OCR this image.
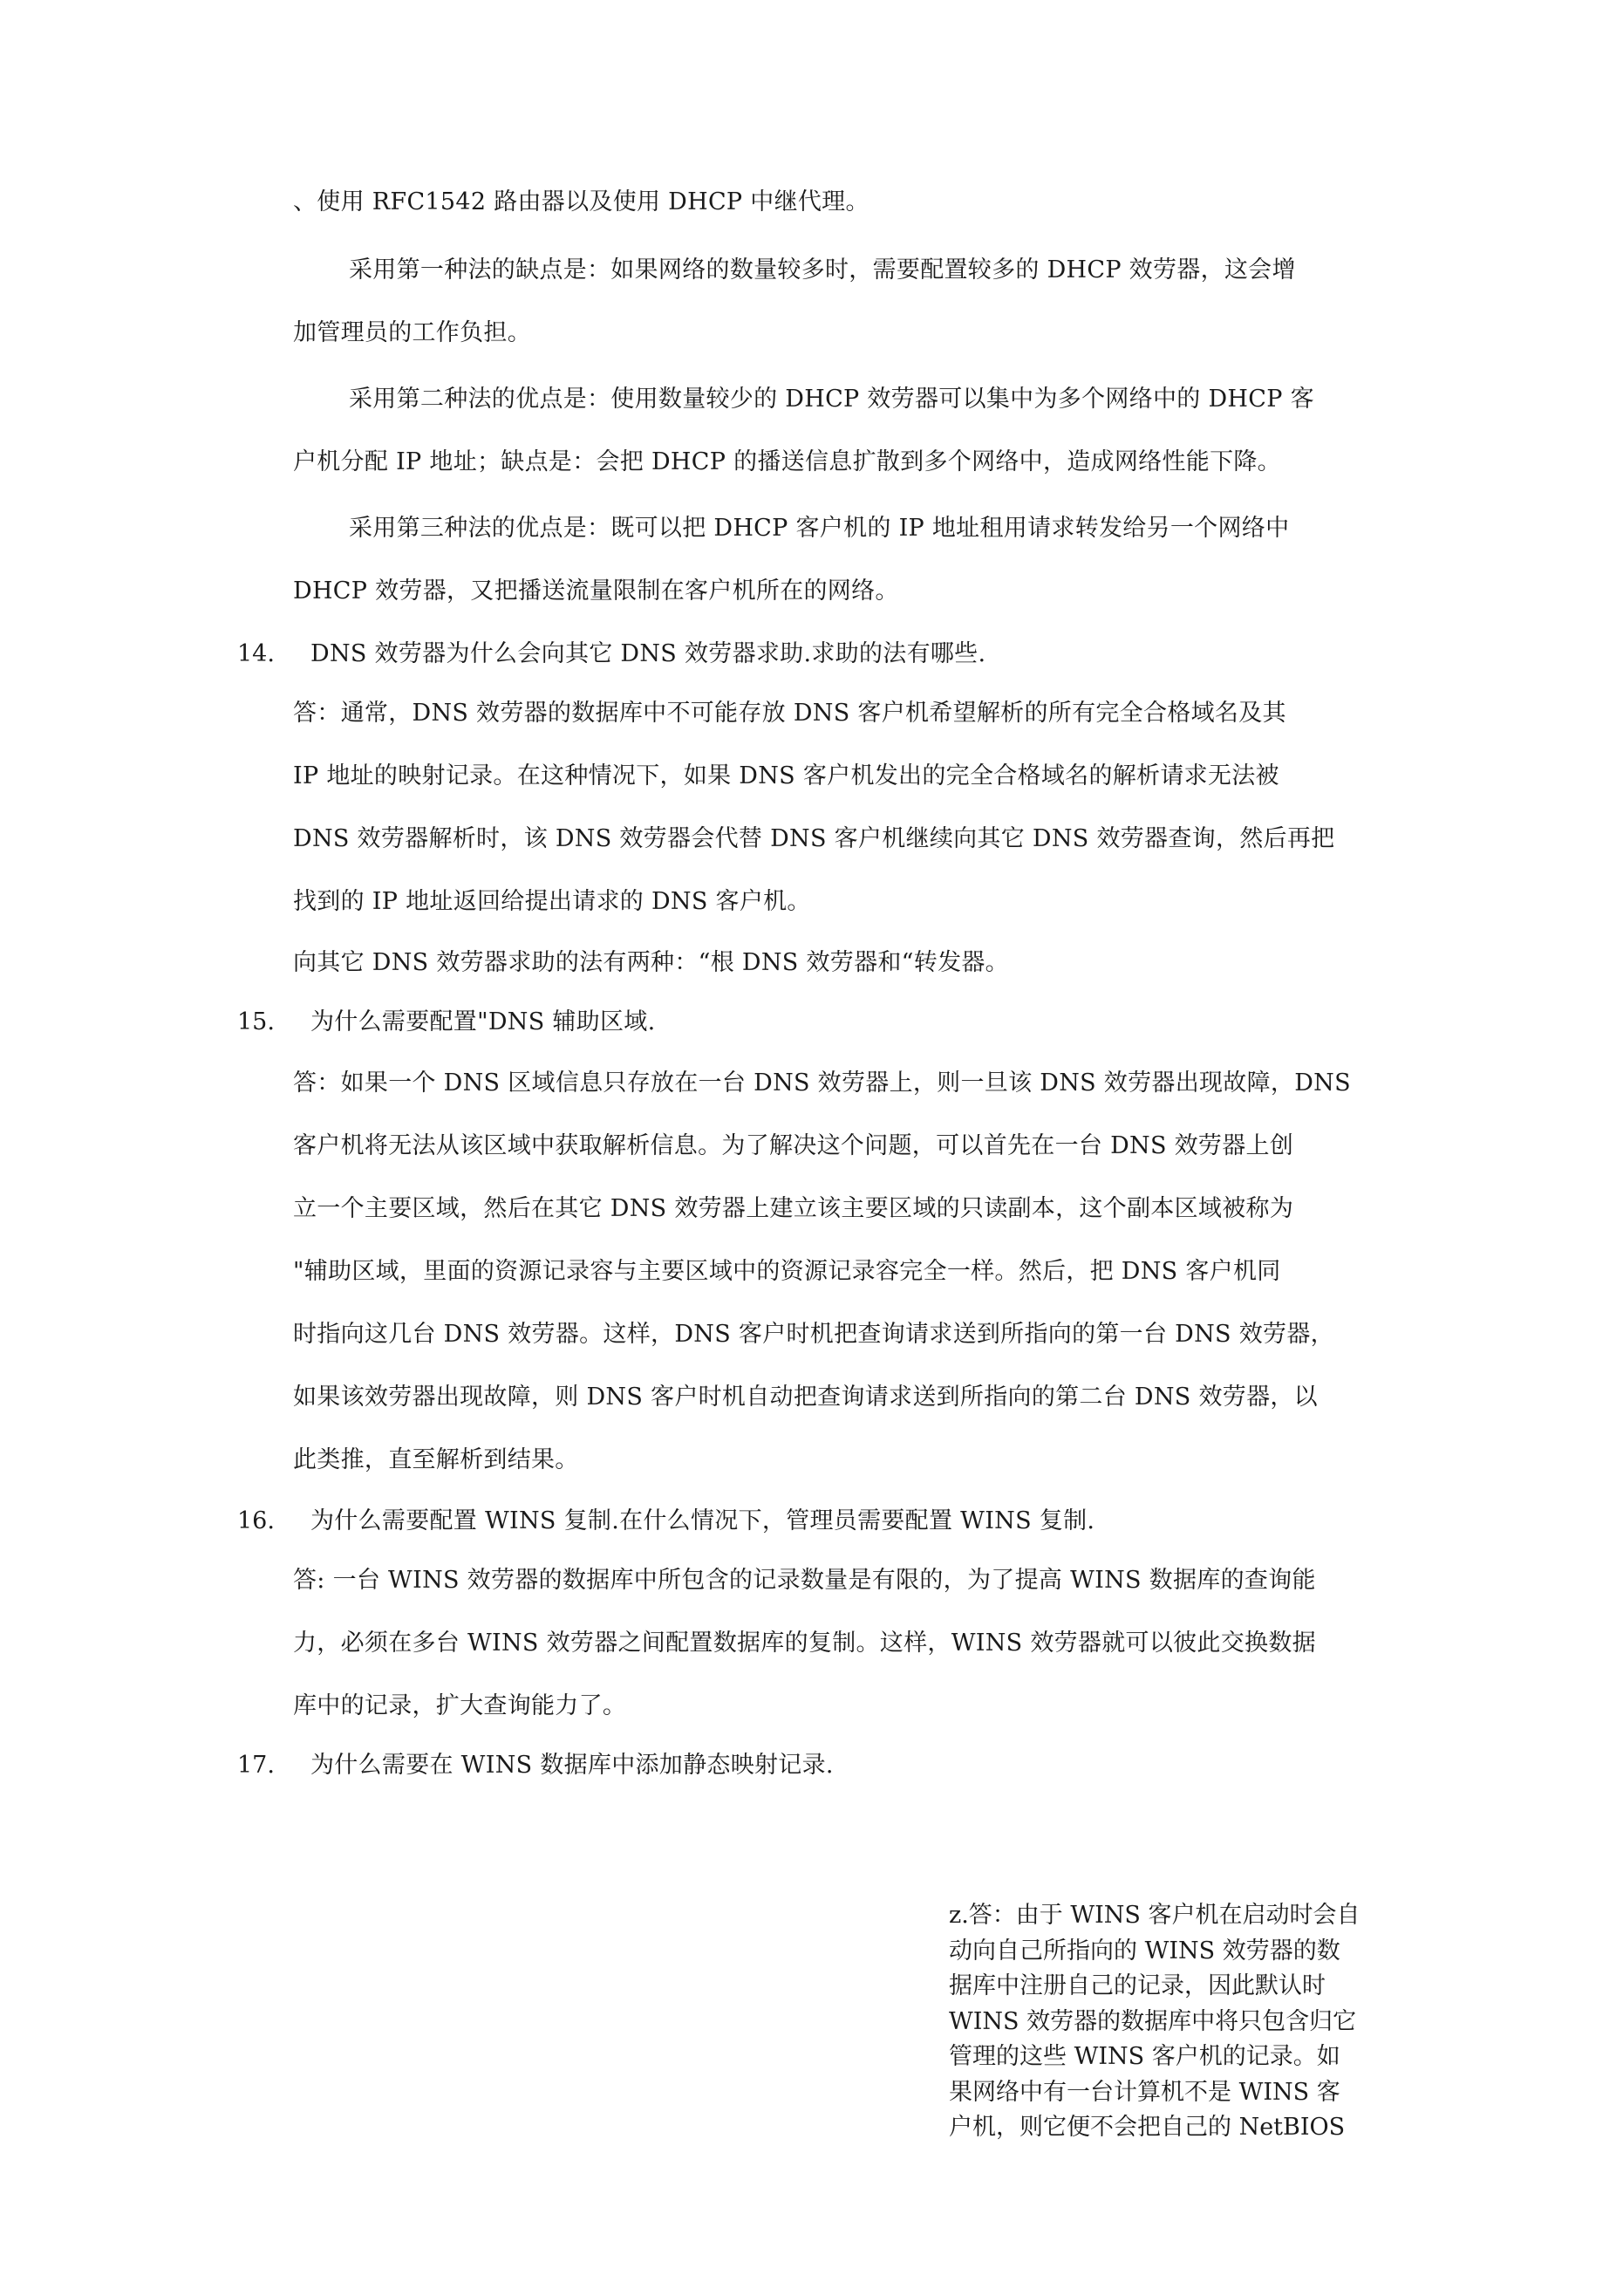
、使用 RFC1542 路由器以及使用 DHCP 中继代理。
采用第一种法的缺点是：如果网络的数量较多时，需要配置较多的 DHCP 效劳器，这会增
加管理员的工作负担。
采用第二种法的优点是：使用数量较少的 DHCP 效劳器可以集中为多个网络中的 DHCP 客
户机分配 IP 地址；缺点是：会把 DHCP 的播送信息扩散到多个网络中，造成网络性能下降。
采用第三种法的优点是：既可以把 DHCP 客户机的 IP 地址租用请求转发给另一个网络中
DHCP 效劳器，又把播送流量限制在客户机所在的网络。
14. DNS 效劳器为什么会向其它 DNS 效劳器求助.求助的法有哪些.
答：通常，DNS 效劳器的数据库中不可能存放 DNS 客户机希望解析的所有完全合格域名及其
IP 地址的映射记录。在这种情况下，如果 DNS 客户机发出的完全合格域名的解析请求无法被
DNS 效劳器解析时，该 DNS 效劳器会代替 DNS 客户机继续向其它 DNS 效劳器查询，然后再把
找到的 IP 地址返回给提出请求的 DNS 客户机。
向其它 DNS 效劳器求助的法有两种：“根 DNS 效劳器和“转发器。
15. 为什么需要配置"DNS 辅助区域.
答：如果一个 DNS 区域信息只存放在一台 DNS 效劳器上，则一旦该 DNS 效劳器出现故障，DNS
客户机将无法从该区域中获取解析信息。为了解决这个问题，可以首先在一台 DNS 效劳器上创
立一个主要区域，然后在其它 DNS 效劳器上建立该主要区域的只读副本，这个副本区域被称为
"辅助区域，里面的资源记录容与主要区域中的资源记录容完全一样。然后，把 DNS 客户机同
时指向这几台 DNS 效劳器。这样，DNS 客户时机把查询请求送到所指向的第一台 DNS 效劳器，
如果该效劳器出现故障，则 DNS 客户时机自动把查询请求送到所指向的第二台 DNS 效劳器，以
此类推，直至解析到结果。
16. 为什么需要配置 WINS 复制.在什么情况下，管理员需要配置 WINS 复制.
答: 一台 WINS 效劳器的数据库中所包含的记录数量是有限的，为了提高 WINS 数据库的查询能
力，必须在多台 WINS 效劳器之间配置数据库的复制。这样，WINS 效劳器就可以彼此交换数据
库中的记录，扩大查询能力了。
17. 为什么需要在 WINS 数据库中添加静态映射记录.
z.答：由于 WINS 客户机在启动时会自
动向自己所指向的 WINS 效劳器的数
据库中注册自己的记录，因此默认时
WINS 效劳器的数据库中将只包含归它
管理的这些 WINS 客户机的记录。如
果网络中有一台计算机不是 WINS 客
户机，则它便不会把自己的 NetBIOS
